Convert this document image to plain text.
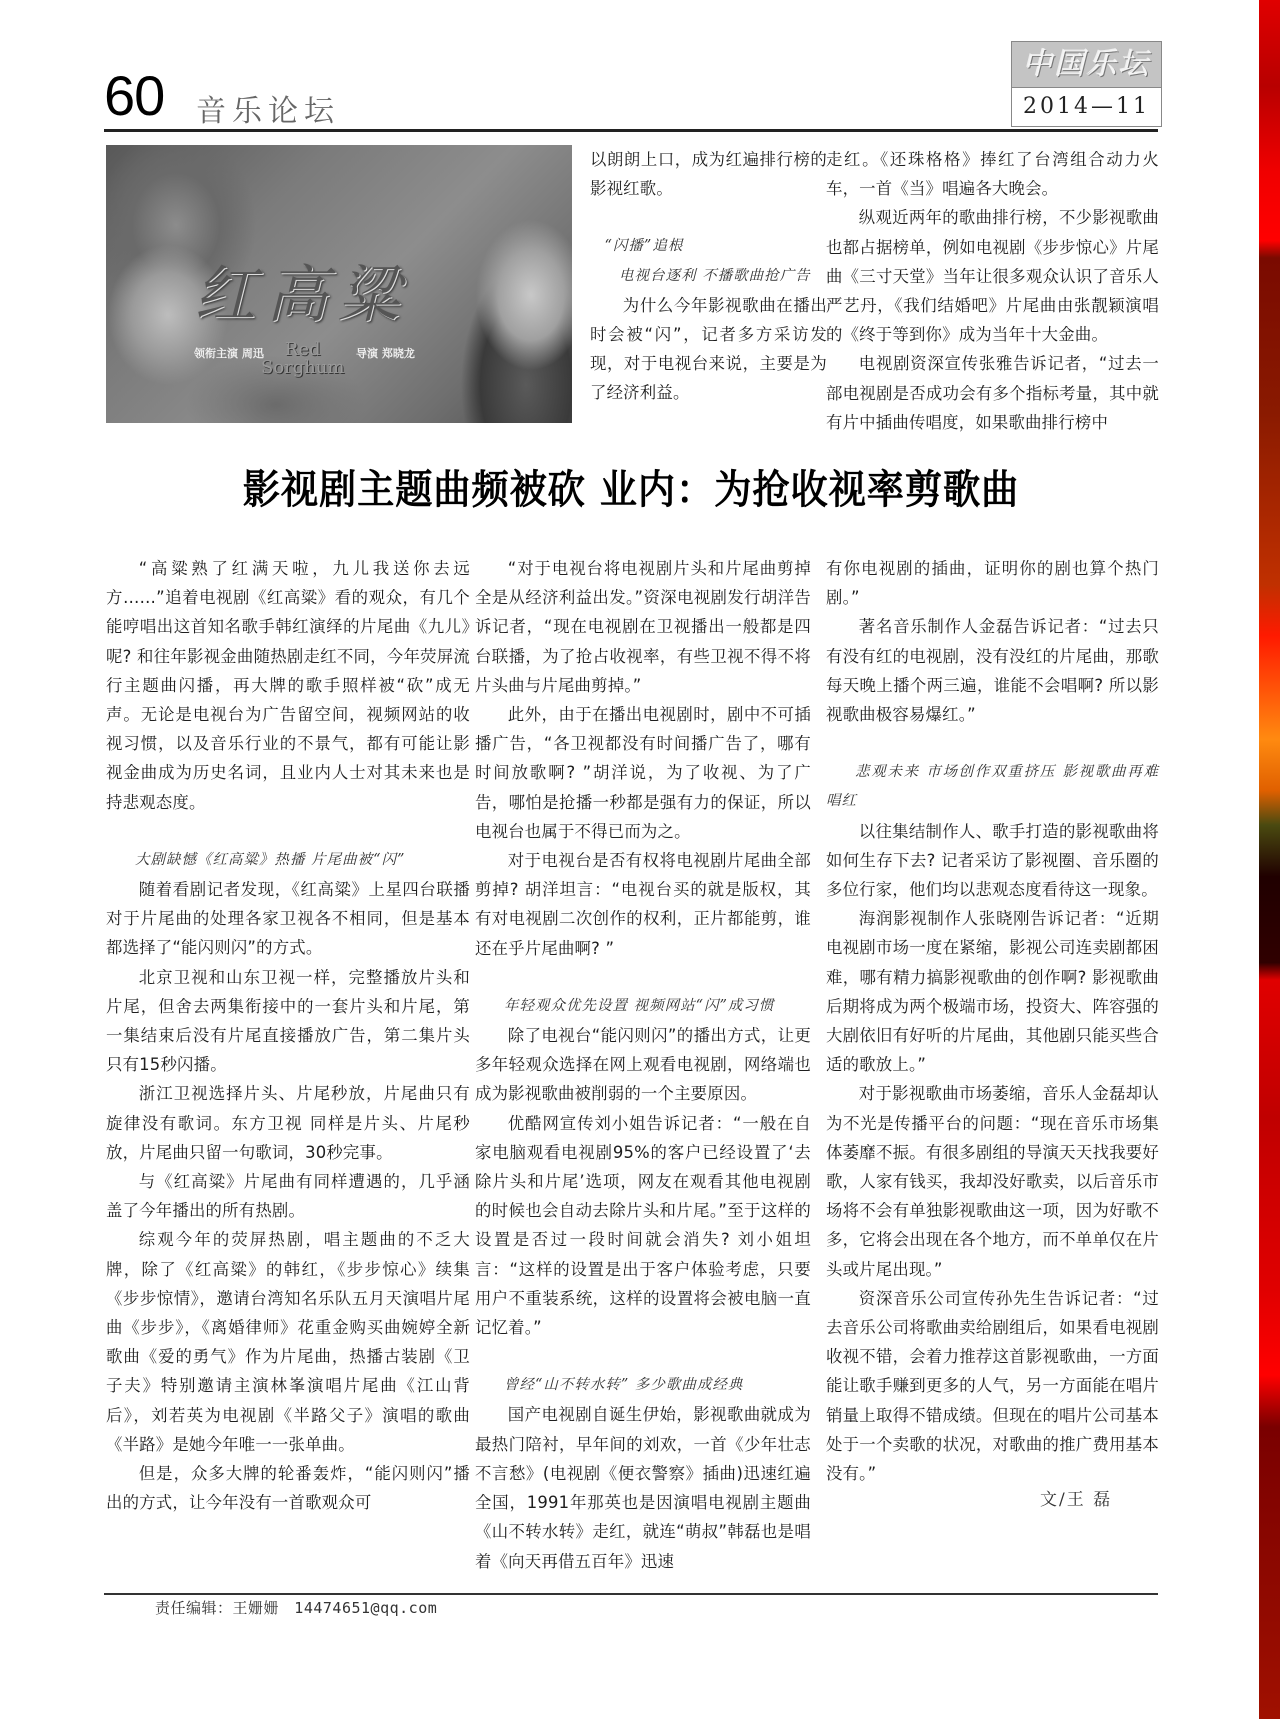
60 音乐论坛
中国乐坛
2014—11
红高粱
领衔主演 周迅	Red
Sorghum
导演 郑晓龙

以朗朗上口，成为红遍排行榜的影视红歌。

“闪播”追根

电视台逐利 不播歌曲抢广告

为什么今年影视歌曲在播出时会被“闪”，记者多方采访发现，对于电视台来说，主要是为了经济利益。

走红。《还珠格格》捧红了台湾组合动力火车，一首《当》唱遍各大晚会。

纵观近两年的歌曲排行榜，不少影视歌曲也都占据榜单，例如电视剧《步步惊心》片尾曲《三寸天堂》当年让很多观众认识了音乐人严艺丹，《我们结婚吧》片尾曲由张靓颖演唱的《终于等到你》成为当年十大金曲。

电视剧资深宣传张雅告诉记者，“过去一部电视剧是否成功会有多个指标考量，其中就有片中插曲传唱度，如果歌曲排行榜中

影视剧主题曲频被砍 业内：为抢收视率剪歌曲

“高粱熟了红满天啦，九儿我送你去远方……”追着电视剧《红高粱》看的观众，有几个能哼唱出这首知名歌手韩红演绎的片尾曲《九儿》呢? 和往年影视金曲随热剧走红不同，今年荧屏流行主题曲闪播，再大牌的歌手照样被“砍”成无声。无论是电视台为广告留空间，视频网站的收视习惯，以及音乐行业的不景气，都有可能让影视金曲成为历史名词，且业内人士对其未来也是持悲观态度。

大剧缺憾《红高粱》热播 片尾曲被“闪”

随着看剧记者发现，《红高粱》上星四台联播对于片尾曲的处理各家卫视各不相同，但是基本都选择了“能闪则闪”的方式。

北京卫视和山东卫视一样，完整播放片头和片尾，但舍去两集衔接中的一套片头和片尾，第一集结束后没有片尾直接播放广告，第二集片头只有15秒闪播。

浙江卫视选择片头、片尾秒放，片尾曲只有旋律没有歌词。东方卫视 同样是片头、片尾秒放，片尾曲只留一句歌词，30秒完事。

与《红高粱》片尾曲有同样遭遇的，几乎涵盖了今年播出的所有热剧。

综观今年的荧屏热剧，唱主题曲的不乏大牌，除了《红高粱》的韩红，《步步惊心》续集《步步惊情》，邀请台湾知名乐队五月天演唱片尾曲《步步》，《离婚律师》花重金购买曲婉婷全新歌曲《爱的勇气》作为片尾曲，热播古装剧《卫子夫》特别邀请主演林峯演唱片尾曲《江山背后》，刘若英为电视剧《半路父子》演唱的歌曲《半路》是她今年唯一一张单曲。

但是，众多大牌的轮番轰炸，“能闪则闪”播出的方式，让今年没有一首歌观众可

“对于电视台将电视剧片头和片尾曲剪掉全是从经济利益出发。”资深电视剧发行胡洋告诉记者，“现在电视剧在卫视播出一般都是四台联播，为了抢占收视率，有些卫视不得不将片头曲与片尾曲剪掉。”

此外，由于在播出电视剧时，剧中不可插播广告，“各卫视都没有时间播广告了，哪有时间放歌啊? ”胡洋说，为了收视、为了广告，哪怕是抢播一秒都是强有力的保证，所以电视台也属于不得已而为之。

对于电视台是否有权将电视剧片尾曲全部剪掉? 胡洋坦言：“电视台买的就是版权，其有对电视剧二次创作的权利，正片都能剪，谁还在乎片尾曲啊? ”

年轻观众优先设置 视频网站“闪”成习惯

除了电视台“能闪则闪”的播出方式，让更多年轻观众选择在网上观看电视剧，网络端也成为影视歌曲被削弱的一个主要原因。

优酷网宣传刘小姐告诉记者：“一般在自家电脑观看电视剧95%的客户已经设置了‘去除片头和片尾’选项，网友在观看其他电视剧的时候也会自动去除片头和片尾。”至于这样的设置是否过一段时间就会消失? 刘小姐坦言：“这样的设置是出于客户体验考虑，只要用户不重装系统，这样的设置将会被电脑一直记忆着。”

曾经“山不转水转” 多少歌曲成经典

国产电视剧自诞生伊始，影视歌曲就成为最热门陪衬，早年间的刘欢，一首《少年壮志不言愁》(电视剧《便衣警察》插曲)迅速红遍全国，1991年那英也是因演唱电视剧主题曲《山不转水转》走红，就连“萌叔”韩磊也是唱着《向天再借五百年》迅速

有你电视剧的插曲，证明你的剧也算个热门剧。”

著名音乐制作人金磊告诉记者：“过去只有没有红的电视剧，没有没红的片尾曲，那歌每天晚上播个两三遍，谁能不会唱啊? 所以影视歌曲极容易爆红。”

悲观未来 市场创作双重挤压 影视歌曲再难唱红

以往集结制作人、歌手打造的影视歌曲将如何生存下去? 记者采访了影视圈、音乐圈的多位行家，他们均以悲观态度看待这一现象。

海润影视制作人张晓刚告诉记者：“近期电视剧市场一度在紧缩，影视公司连卖剧都困难，哪有精力搞影视歌曲的创作啊? 影视歌曲后期将成为两个极端市场，投资大、阵容强的大剧依旧有好听的片尾曲，其他剧只能买些合适的歌放上。”

对于影视歌曲市场萎缩，音乐人金磊却认为不光是传播平台的问题：“现在音乐市场集体萎靡不振。有很多剧组的导演天天找我要好歌，人家有钱买，我却没好歌卖，以后音乐市场将不会有单独影视歌曲这一项，因为好歌不多，它将会出现在各个地方，而不单单仅在片头或片尾出现。”

资深音乐公司宣传孙先生告诉记者：“过去音乐公司将歌曲卖给剧组后，如果看电视剧收视不错，会着力推荐这首影视歌曲，一方面能让歌手赚到更多的人气，另一方面能在唱片销量上取得不错成绩。但现在的唱片公司基本处于一个卖歌的状况，对歌曲的推广费用基本没有。”

文/王 磊
责任编辑：王姗姗 14474651@qq.com
